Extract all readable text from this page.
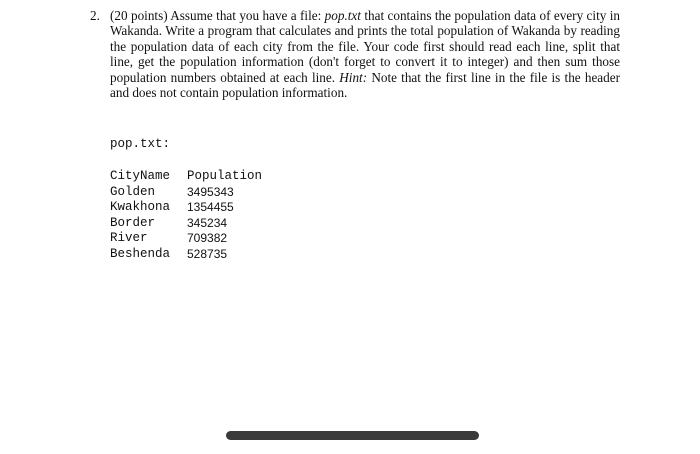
2. (20 points) Assume that you have a file: pop.txt that contains the population data of every city in Wakanda. Write a program that calculates and prints the total population of Wakanda by reading the population data of each city from the file. Your code first should read each line, split that line, get the population information (don't forget to convert it to integer) and then sum those population numbers obtained at each line. Hint: Note that the first line in the file is the header and does not contain population information.
pop.txt:
CityName	Population
Golden	3495343
Kwakhona	1354455
Border	345234
River	709382
Beshenda	528735
